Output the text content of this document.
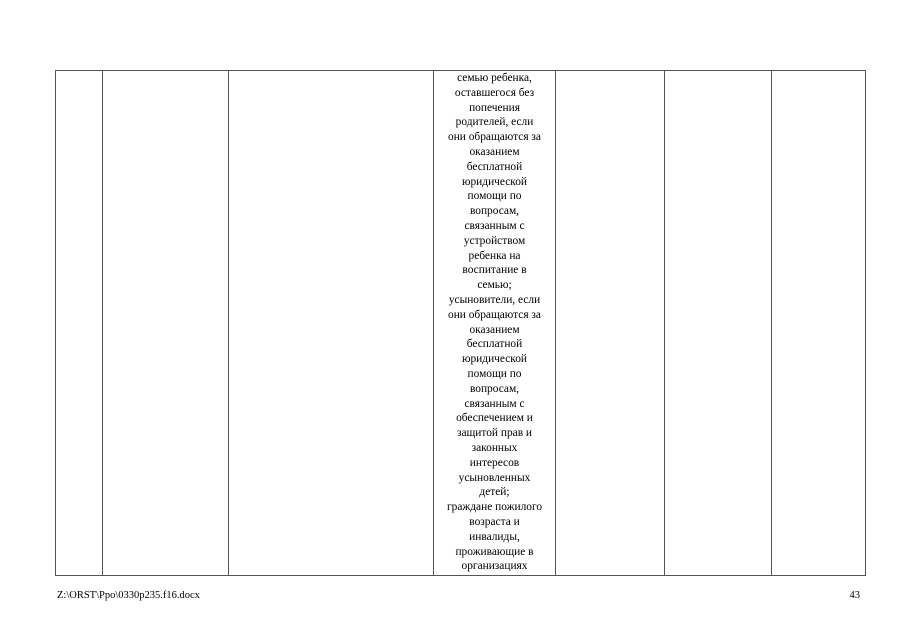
семью ребенка,
оставшегося без
попечения
родителей, если
они обращаются за
оказанием
бесплатной
юридической
помощи по
вопросам,
связанным с
устройством
ребенка на
воспитание в
семью;
усыновители, если
они обращаются за
оказанием
бесплатной
юридической
помощи по
вопросам,
связанным с
обеспечением и
защитой прав и
законных
интересов
усыновленных
детей;
граждане пожилого
возраста и
инвалиды,
проживающие в
организациях

Z:\ORST\Ppo\0330p235.f16.docx	43
